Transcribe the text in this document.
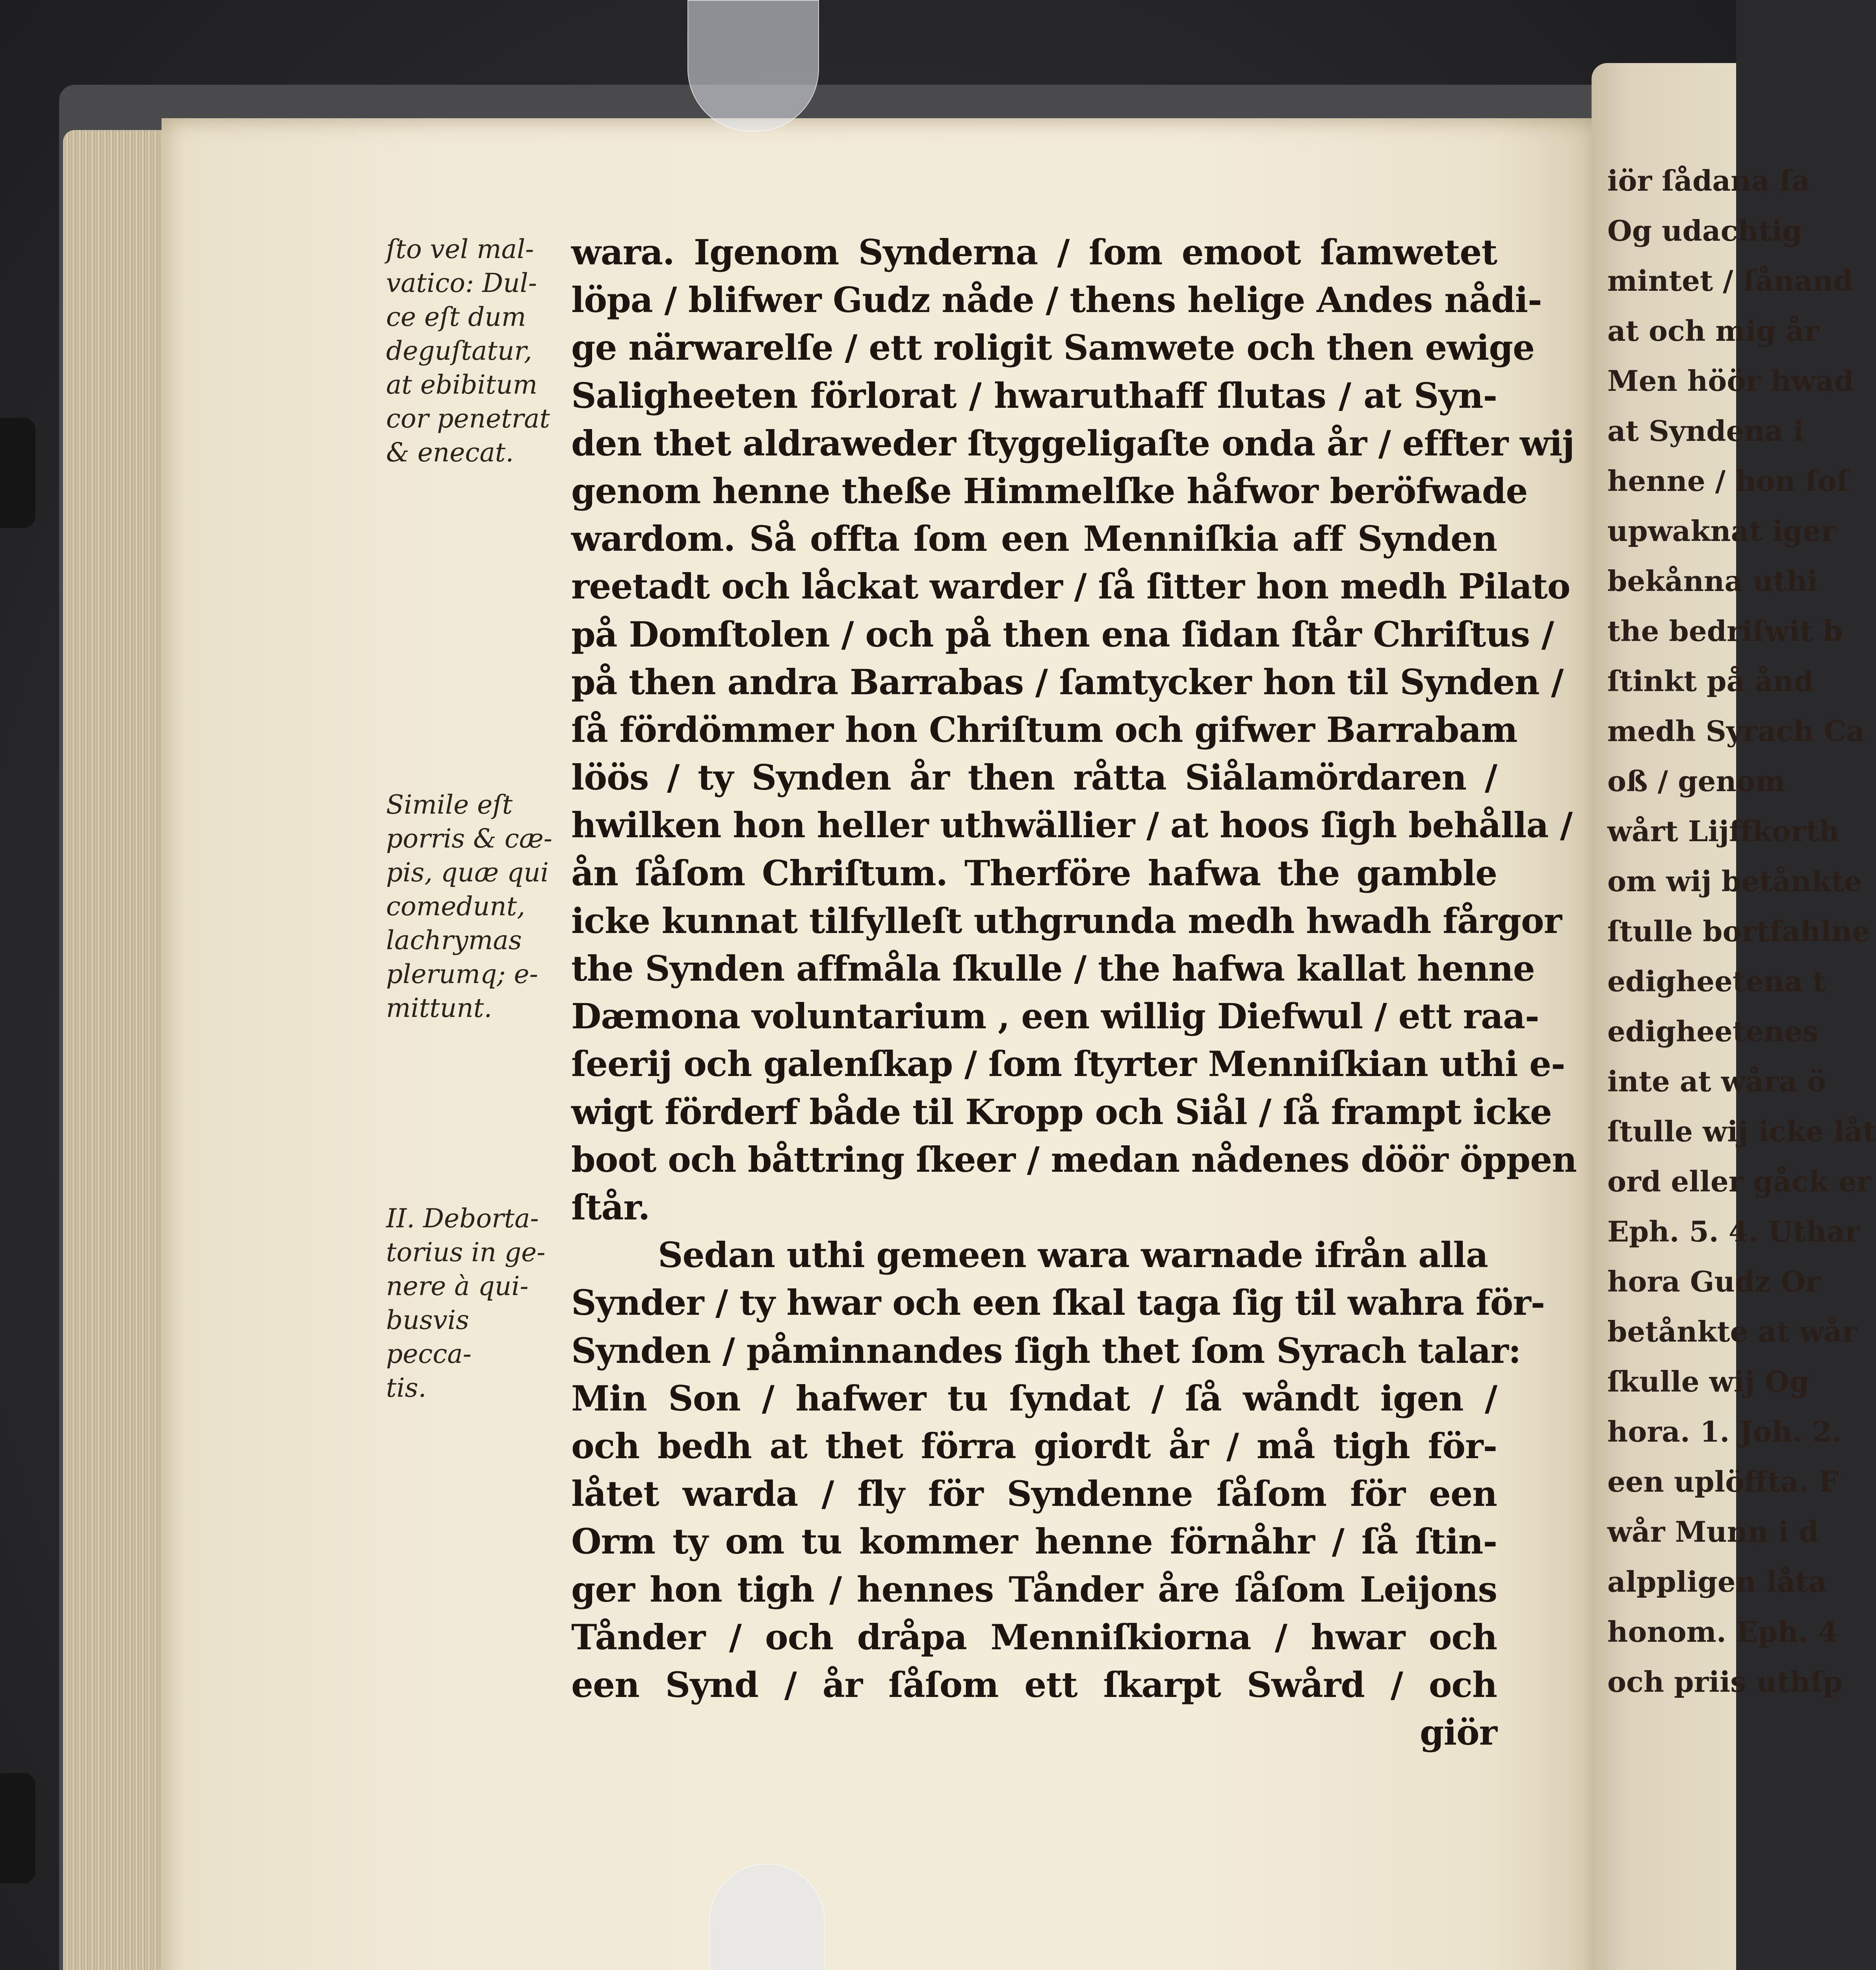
iör ſådana ſa
Og udachtig
mintet / ſånand
at och mig år
Men höör hwad
at Syndena i
henne / hon ſoſ
upwaknat iger
bekånna uthi
the bedriſwit b
ſtinkt på ånd
medh Syrach Ca
oß / genom
wårt Lijffkorth
om wij betånkte
ſtulle bortfahlne
edigheetena t
edigheetenes
inte at wåra ö
ſtulle wij icke låt
ord eller gåck er
Eph. 5. 4. Uthar
hora Gudz Or
betånkte at wår
ſkulle wij Og
hora. 1. Joh. 2.
een uplöffta. F
wår Munn i d
alppligen låta
honom. Eph. 4
och priis uthſp
ſto vel mal-
vatico: Dul-
ce eſt dum
deguſtatur,
at ebibitum
cor penetrat
& enecat.
Simile eſt
porris & cæ-
pis, quæ qui
comedunt,
lachrymas
plerumq; e-
mittunt.
II. Deborta-
torius in ge-
nere à qui-
busvis pecca-
tis.
wara. Igenom Synderna / ſom emoot ſamwetet
löpa / blifwer Gudz nåde / thens helige Andes nådi-
ge närwarelſe / ett roligit Samwete och then ewige
Saligheeten förlorat / hwaruthaff ſlutas / at Syn-
den thet aldraweder ſtyggeligaſte onda år / effter wij
genom henne theße Himmelſke håfwor beröfwade
wardom. Så offta ſom een Menniſkia aff Synden
reetadt och låckat warder / ſå ſitter hon medh Pilato
på Domſtolen / och på then ena ſidan ſtår Chriſtus /
på then andra Barrabas / ſamtycker hon til Synden /
ſå fördömmer hon Chriſtum och gifwer Barrabam
löös / ty Synden år then råtta Siålamördaren /
hwilken hon heller uthwällier / at hoos ſigh behålla /
ån ſåſom Chriſtum. Therföre hafwa the gamble
icke kunnat tilfylleſt uthgrunda medh hwadh fårgor
the Synden affmåla ſkulle / the hafwa kallat henne
Dæmona voluntarium , een willig Diefwul / ett raa-
ſeerij och galenſkap / ſom ſtyrter Menniſkian uthi e-
wigt förderf både til Kropp och Siål / ſå frampt icke
boot och båttring ſkeer / medan nådenes döör öppen
ſtår.
Sedan uthi gemeen wara warnade ifrån alla
Synder / ty hwar och een ſkal taga ſig til wahra för-
Synden / påminnandes ſigh thet ſom Syrach talar:
Min Son / hafwer tu ſyndat / ſå wåndt igen /
och bedh at thet förra giordt år / må tigh för-
låtet warda / fly för Syndenne ſåſom för een
Orm ty om tu kommer henne förnåhr / ſå ſtin-
ger hon tigh / hennes Tånder åre ſåſom Leijons
Tånder / och dråpa Menniſkiorna / hwar och
een Synd / år ſåſom ett ſkarpt Swård / och
giör
